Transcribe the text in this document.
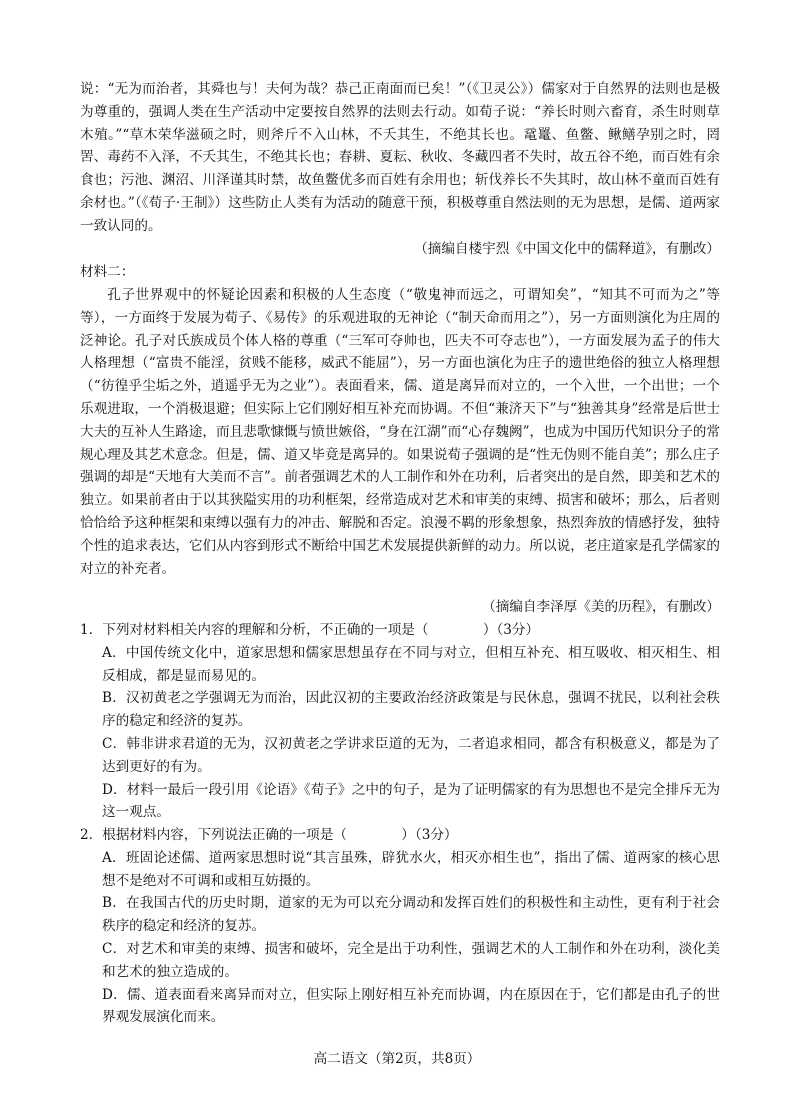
说：“无为而治者，其舜也与！夫何为哉？恭己正南面而已矣！”（《卫灵公》）儒家对于自然界的法则也是极为尊重的，强调人类在生产活动中定要按自然界的法则去行动。如荀子说：“养长时则六畜育，杀生时则草木殖。”“草木荣华滋硕之时，则斧斤不入山林，不夭其生，不绝其长也。鼋鼍、鱼鳖、鳅鳝孕别之时，罔罟、毒药不入泽，不夭其生，不绝其长也；春耕、夏耘、秋收、冬藏四者不失时，故五谷不绝，而百姓有余食也；污池、渊沼、川泽谨其时禁，故鱼鳖优多而百姓有余用也；斩伐养长不失其时，故山林不童而百姓有余材也。”（《荀子·王制》）这些防止人类有为活动的随意干预，积极尊重自然法则的无为思想，是儒、道两家一致认同的。

（摘编自楼宇烈《中国文化中的儒释道》，有删改）
材料二：

孔子世界观中的怀疑论因素和积极的人生态度（“敬鬼神而远之，可谓知矣”，“知其不可而为之”等等），一方面终于发展为荀子、《易传》的乐观进取的无神论（“制天命而用之”），另一方面则演化为庄周的泛神论。孔子对氏族成员个体人格的尊重（“三军可夺帅也，匹夫不可夺志也”），一方面发展为孟子的伟大人格理想（“富贵不能淫，贫贱不能移，威武不能屈”），另一方面也演化为庄子的遗世绝俗的独立人格理想（“彷徨乎尘垢之外，逍遥乎无为之业”）。表面看来，儒、道是离异而对立的，一个入世，一个出世；一个乐观进取，一个消极退避；但实际上它们刚好相互补充而协调。不但“兼济天下”与“独善其身”经常是后世士大夫的互补人生路途，而且悲歌慷慨与愤世嫉俗，“身在江湖”而“心存魏阙”，也成为中国历代知识分子的常规心理及其艺术意念。但是，儒、道又毕竟是离异的。如果说荀子强调的是“性无伪则不能自美”；那么庄子强调的却是“天地有大美而不言”。前者强调艺术的人工制作和外在功利，后者突出的是自然，即美和艺术的独立。如果前者由于以其狭隘实用的功利框架，经常造成对艺术和审美的束缚、损害和破坏；那么，后者则恰恰给予这种框架和束缚以强有力的冲击、解脱和否定。浪漫不羁的形象想象，热烈奔放的情感抒发，独特个性的追求表达，它们从内容到形式不断给中国艺术发展提供新鲜的动力。所以说，老庄道家是孔学儒家的对立的补充者。

（摘编自李泽厚《美的历程》，有删改）

1．下列对材料相关内容的理解和分析，不正确的一项是（　　　　）（3分）

A．中国传统文化中，道家思想和儒家思想虽存在不同与对立，但相互补充、相互吸收、相灭相生、相反相成，都是显而易见的。

B．汉初黄老之学强调无为而治，因此汉初的主要政治经济政策是与民休息，强调不扰民，以利社会秩序的稳定和经济的复苏。

C．韩非讲求君道的无为，汉初黄老之学讲求臣道的无为，二者追求相同，都含有积极意义，都是为了达到更好的有为。

D．材料一最后一段引用《论语》《荀子》之中的句子，是为了证明儒家的有为思想也不是完全排斥无为这一观点。

2．根据材料内容，下列说法正确的一项是（　　　　）（3分）

A．班固论述儒、道两家思想时说“其言虽殊，辟犹水火，相灭亦相生也”，指出了儒、道两家的核心思想不是绝对不可调和或相互妨摄的。

B．在我国古代的历史时期，道家的无为可以充分调动和发挥百姓们的积极性和主动性，更有利于社会秩序的稳定和经济的复苏。

C．对艺术和审美的束缚、损害和破坏，完全是出于功利性，强调艺术的人工制作和外在功利，淡化美和艺术的独立造成的。

D．儒、道表面看来离异而对立，但实际上刚好相互补充而协调，内在原因在于，它们都是由孔子的世界观发展演化而来。

高二语文（第2页，共8页）
